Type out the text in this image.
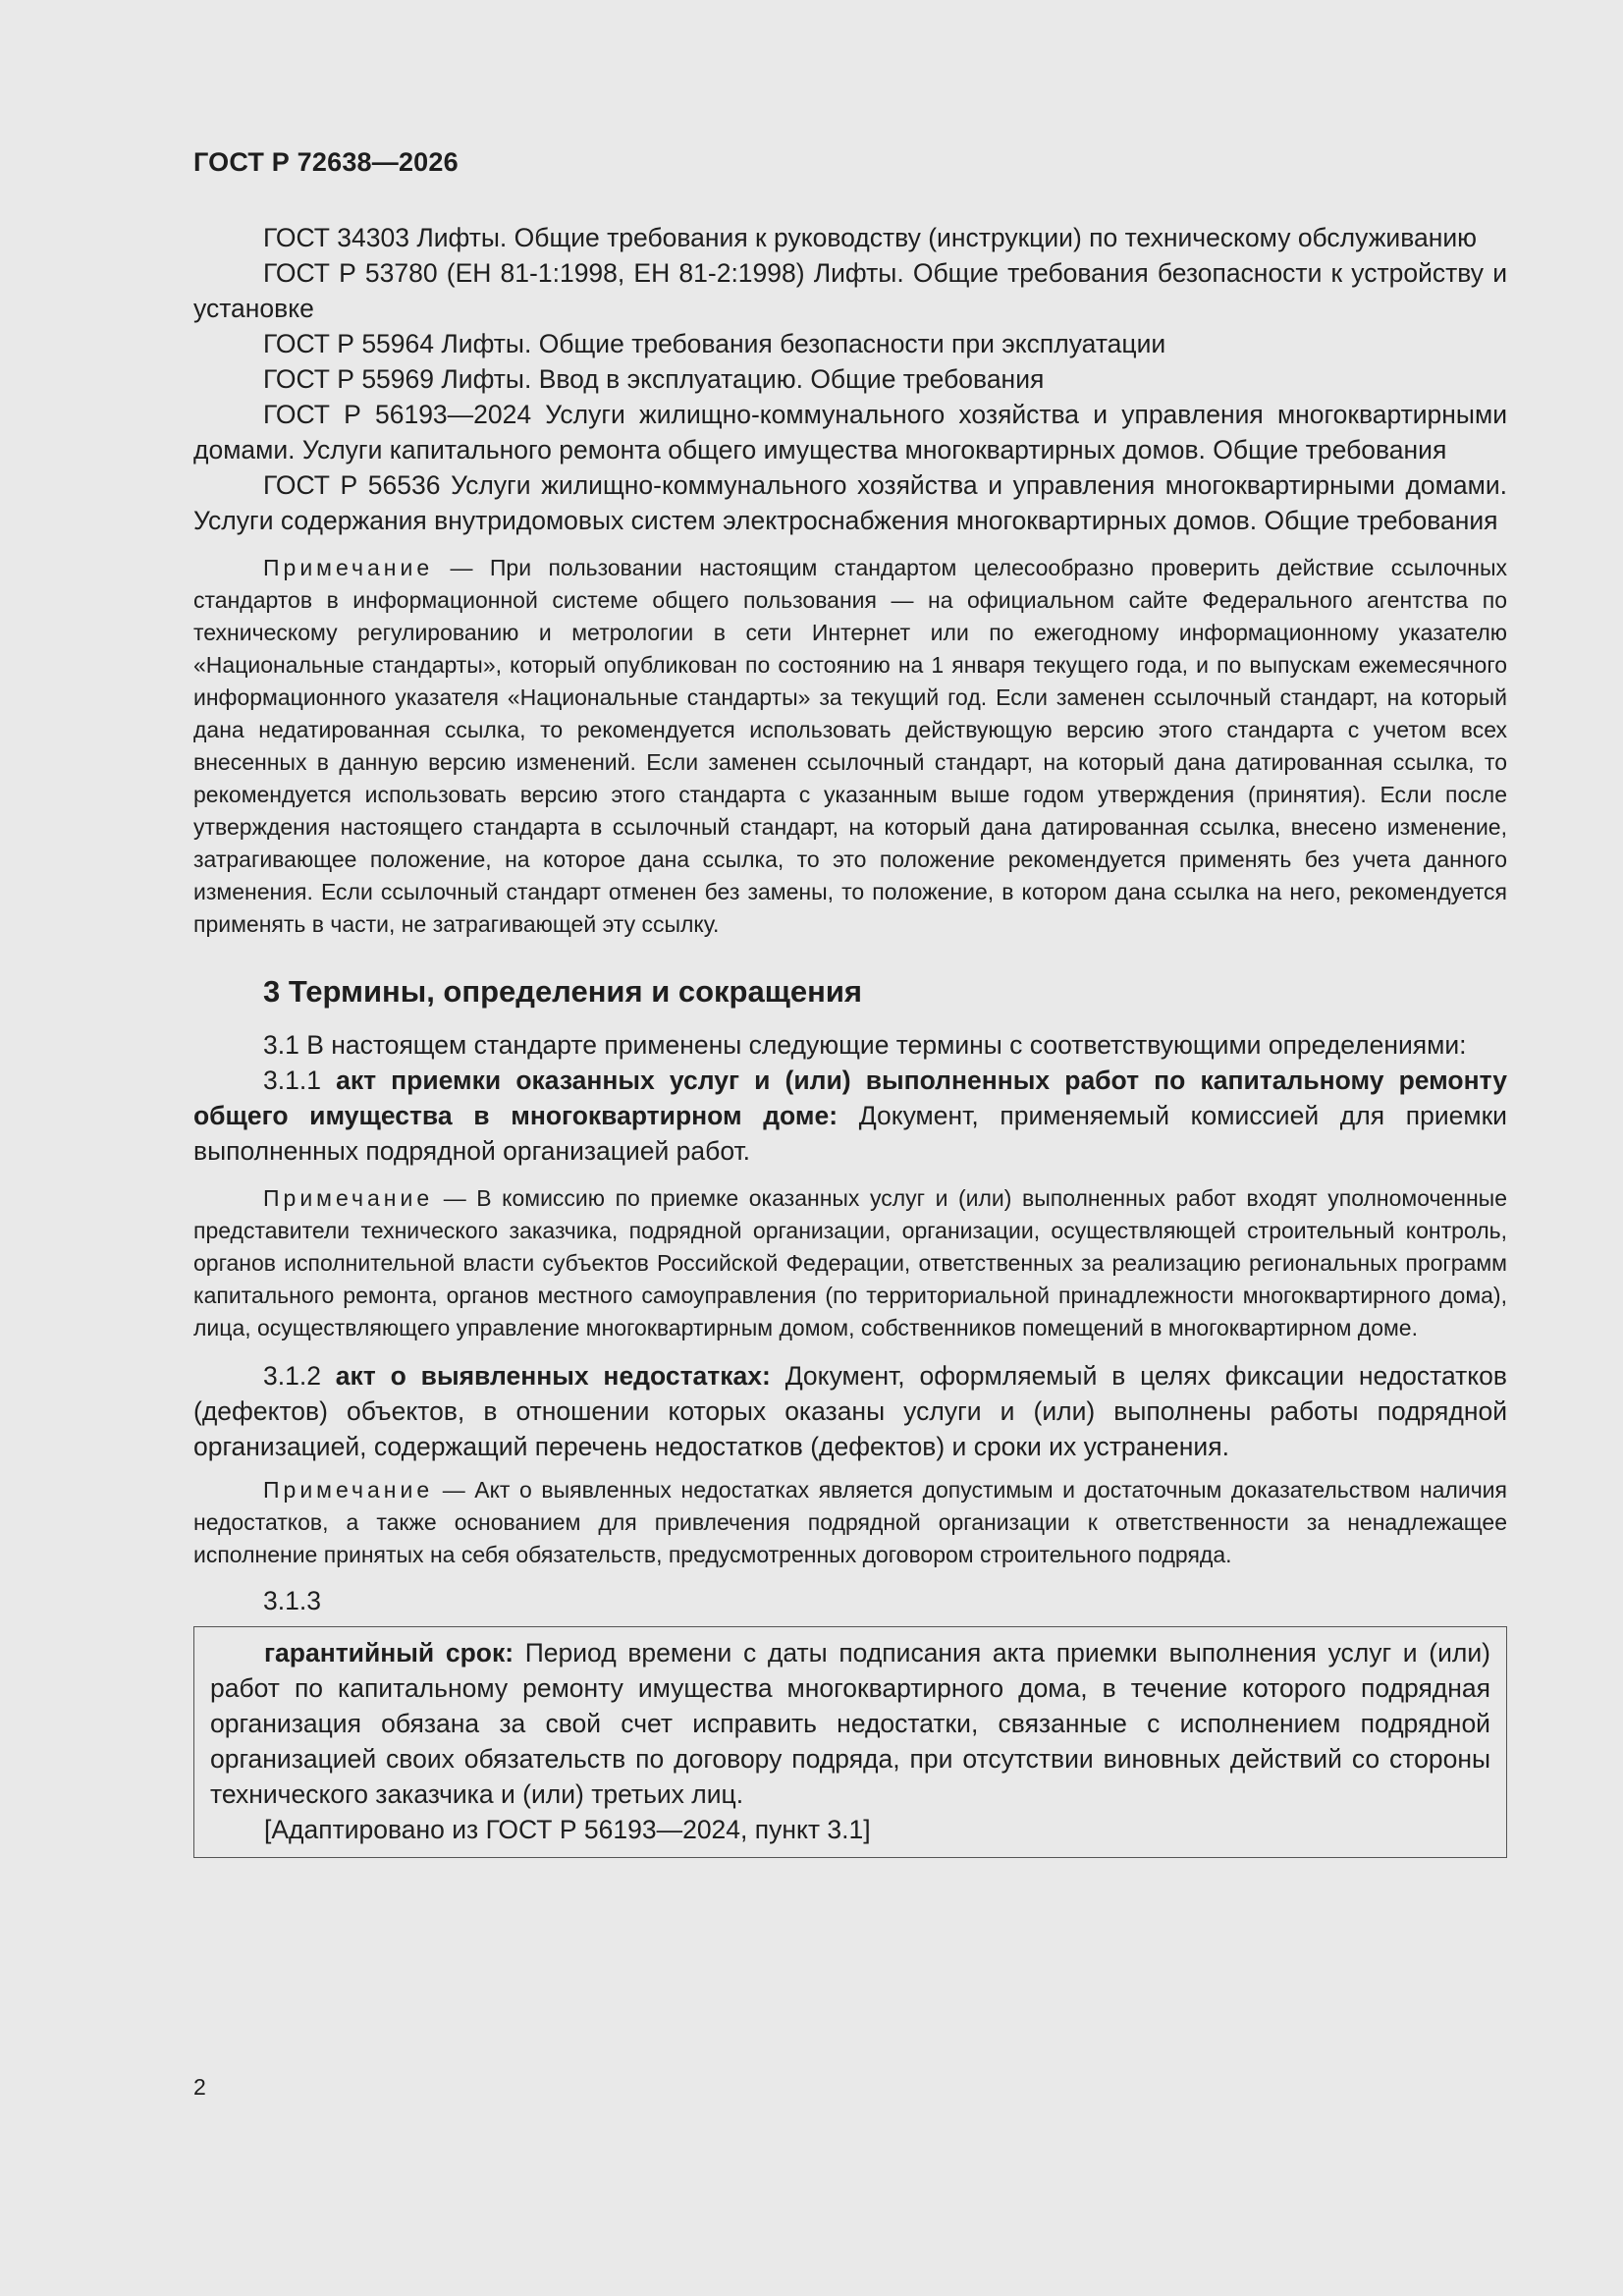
ГОСТ Р 72638—2026

ГОСТ 34303 Лифты. Общие требования к руководству (инструкции) по техническому обслуживанию

ГОСТ Р 53780 (ЕН 81-1:1998, ЕН 81-2:1998) Лифты. Общие требования безопасности к устройству и установке

ГОСТ Р 55964 Лифты. Общие требования безопасности при эксплуатации

ГОСТ Р 55969 Лифты. Ввод в эксплуатацию. Общие требования

ГОСТ Р 56193—2024 Услуги жилищно-коммунального хозяйства и управления многоквартирными домами. Услуги капитального ремонта общего имущества многоквартирных домов. Общие требования

ГОСТ Р 56536 Услуги жилищно-коммунального хозяйства и управления многоквартирными домами. Услуги содержания внутридомовых систем электроснабжения многоквартирных домов. Общие требования

Примечание — При пользовании настоящим стандартом целесообразно проверить действие ссылочных стандартов в информационной системе общего пользования — на официальном сайте Федерального агентства по техническому регулированию и метрологии в сети Интернет или по ежегодному информационному указателю «Национальные стандарты», который опубликован по состоянию на 1 января текущего года, и по выпускам ежемесячного информационного указателя «Национальные стандарты» за текущий год. Если заменен ссылочный стандарт, на который дана недатированная ссылка, то рекомендуется использовать действующую версию этого стандарта с учетом всех внесенных в данную версию изменений. Если заменен ссылочный стандарт, на который дана датированная ссылка, то рекомендуется использовать версию этого стандарта с указанным выше годом утверждения (принятия). Если после утверждения настоящего стандарта в ссылочный стандарт, на который дана датированная ссылка, внесено изменение, затрагивающее положение, на которое дана ссылка, то это положение рекомендуется применять без учета данного изменения. Если ссылочный стандарт отменен без замены, то положение, в котором дана ссылка на него, рекомендуется применять в части, не затрагивающей эту ссылку.

3 Термины, определения и сокращения

3.1 В настоящем стандарте применены следующие термины с соответствующими определениями:

3.1.1 акт приемки оказанных услуг и (или) выполненных работ по капитальному ремонту общего имущества в многоквартирном доме: Документ, применяемый комиссией для приемки выполненных подрядной организацией работ.

Примечание — В комиссию по приемке оказанных услуг и (или) выполненных работ входят уполномоченные представители технического заказчика, подрядной организации, организации, осуществляющей строительный контроль, органов исполнительной власти субъектов Российской Федерации, ответственных за реализацию региональных программ капитального ремонта, органов местного самоуправления (по территориальной принадлежности многоквартирного дома), лица, осуществляющего управление многоквартирным домом, собственников помещений в многоквартирном доме.

3.1.2 акт о выявленных недостатках: Документ, оформляемый в целях фиксации недостатков (дефектов) объектов, в отношении которых оказаны услуги и (или) выполнены работы подрядной организацией, содержащий перечень недостатков (дефектов) и сроки их устранения.

Примечание — Акт о выявленных недостатках является допустимым и достаточным доказательством наличия недостатков, а также основанием для привлечения подрядной организации к ответственности за ненадлежащее исполнение принятых на себя обязательств, предусмотренных договором строительного подряда.

3.1.3

гарантийный срок: Период времени с даты подписания акта приемки выполнения услуг и (или) работ по капитальному ремонту имущества многоквартирного дома, в течение которого подрядная организация обязана за свой счет исправить недостатки, связанные с исполнением подрядной организацией своих обязательств по договору подряда, при отсутствии виновных действий со стороны технического заказчика и (или) третьих лиц.

[Адаптировано из ГОСТ Р 56193—2024, пункт 3.1]

2
